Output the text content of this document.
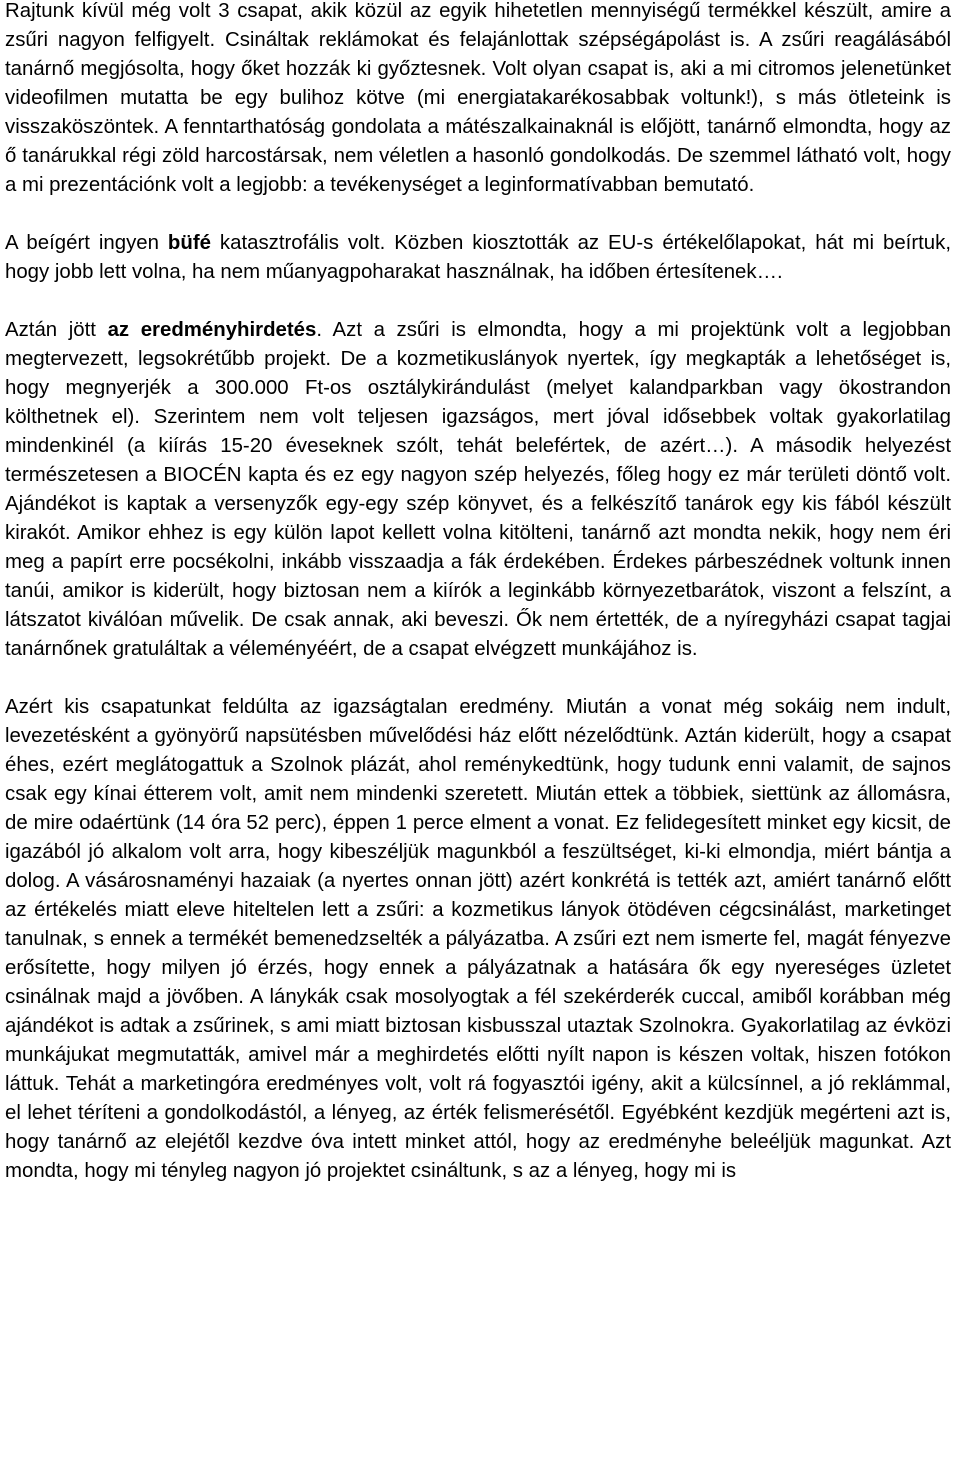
Rajtunk kívül még volt 3 csapat, akik közül az egyik hihetetlen mennyiségű termékkel készült, amire a zsűri nagyon felfigyelt. Csináltak reklámokat és felajánlottak szépségápolást is. A zsűri reagálásából tanárnő megjósolta, hogy őket hozzák ki győztesnek. Volt olyan csapat is, aki a mi citromos jelenetünket videofilmen mutatta be egy bulihoz kötve (mi energiatakarékosabbak voltunk!), s más ötleteink is visszaköszöntek. A fenntarthatóság gondolata a mátészalkainaknál is előjött, tanárnő elmondta, hogy az ő tanárukkal régi zöld harcostársak, nem véletlen a hasonló gondolkodás. De szemmel látható volt, hogy a mi prezentációnk volt a legjobb: a tevékenységet a leginformatívabban bemutató.

A beígért ingyen büfé katasztrofális volt. Közben kiosztották az EU-s értékelőlapokat, hát mi beírtuk, hogy jobb lett volna, ha nem műanyagpoharakat használnak, ha időben értesítenek….

Aztán jött az eredményhirdetés. Azt a zsűri is elmondta, hogy a mi projektünk volt a legjobban megtervezett, legsokrétűbb projekt. De a kozmetikuslányok nyertek, így megkapták a lehetőséget is, hogy megnyerjék a 300.000 Ft-os osztálykirándulást (melyet kalandparkban vagy ökostrandon költhetnek el). Szerintem nem volt teljesen igazságos, mert jóval idősebbek voltak gyakorlatilag mindenkinél (a kiírás 15-20 éveseknek szólt, tehát belefértek, de azért…). A második helyezést természetesen a BIOCÉN kapta és ez egy nagyon szép helyezés, főleg hogy ez már területi döntő volt. Ajándékot is kaptak a versenyzők egy-egy szép könyvet, és a felkészítő tanárok egy kis fából készült kirakót. Amikor ehhez is egy külön lapot kellett volna kitölteni, tanárnő azt mondta nekik, hogy nem éri meg a papírt erre pocsékolni, inkább visszaadja a fák érdekében. Érdekes párbeszédnek voltunk innen tanúi, amikor is kiderült, hogy biztosan nem a kiírók a leginkább környezetbarátok, viszont a felszínt, a látszatot kiválóan művelik. De csak annak, aki beveszi. Ők nem értették, de a nyíregyházi csapat tagjai tanárnőnek gratuláltak a véleményéért, de a csapat elvégzett munkájához is.

Azért kis csapatunkat feldúlta az igazságtalan eredmény. Miután a vonat még sokáig nem indult, levezetésként a gyönyörű napsütésben művelődési ház előtt nézelődtünk. Aztán kiderült, hogy a csapat éhes, ezért meglátogattuk a Szolnok plázát, ahol reménykedtünk, hogy tudunk enni valamit, de sajnos csak egy kínai étterem volt, amit nem mindenki szeretett. Miután ettek a többiek, siettünk az állomásra, de mire odaértünk (14 óra 52 perc), éppen 1 perce elment a vonat. Ez felidegesített minket egy kicsit, de igazából jó alkalom volt arra, hogy kibeszéljük magunkból a feszültséget, ki-ki elmondja, miért bántja a dolog. A vásárosnaményi hazaiak (a nyertes onnan jött) azért konkrétá is tették azt, amiért tanárnő előtt az értékelés miatt eleve hiteltelen lett a zsűri: a kozmetikus lányok ötödéven cégcsinálást, marketinget tanulnak, s ennek a termékét bemenedzselték a pályázatba. A zsűri ezt nem ismerte fel, magát fényezve erősítette, hogy milyen jó érzés, hogy ennek a pályázatnak a hatására ők egy nyereséges üzletet csinálnak majd a jövőben. A lánykák csak mosolyogtak a fél szekérderék cuccal, amiből korábban még ajándékot is adtak a zsűrinek, s ami miatt biztosan kisbusszal utaztak Szolnokra. Gyakorlatilag az évközi munkájukat megmutatták, amivel már a meghirdetés előtti nyílt napon is készen voltak, hiszen fotókon láttuk. Tehát a marketingóra eredményes volt, volt rá fogyasztói igény, akit a külcsínnel, a jó reklámmal, el lehet téríteni a gondolkodástól, a lényeg, az érték felismerésétől. Egyébként kezdjük megérteni azt is, hogy tanárnő az elejétől kezdve óva intett minket attól, hogy az eredményhe beleéljük magunkat. Azt mondta, hogy mi tényleg nagyon jó projektet csináltunk, s az a lényeg, hogy mi is
